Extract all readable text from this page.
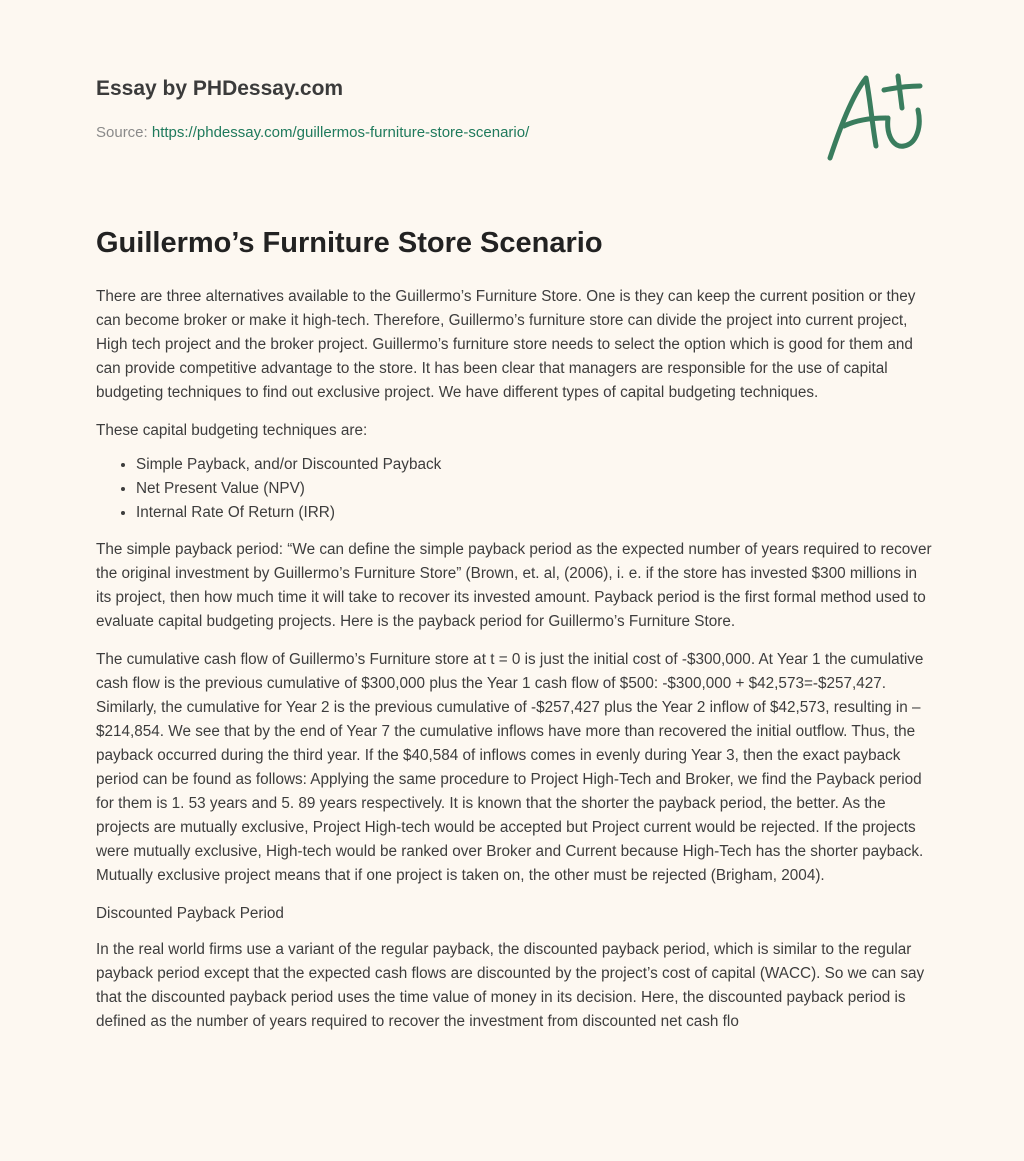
Essay by PHDessay.com

Source: https://phdessay.com/guillermos-furniture-store-scenario/

Guillermo’s Furniture Store Scenario

There are three alternatives available to the Guillermo’s Furniture Store. One is they can keep the current position or they can become broker or make it high-tech. Therefore, Guillermo’s furniture store can divide the project into current project, High tech project and the broker project. Guillermo’s furniture store needs to select the option which is good for them and can provide competitive advantage to the store. It has been clear that managers are responsible for the use of capital budgeting techniques to find out exclusive project. We have different types of capital budgeting techniques.

These capital budgeting techniques are:

• Simple Payback, and/or Discounted Payback
• Net Present Value (NPV)
• Internal Rate Of Return (IRR)

The simple payback period: “We can define the simple payback period as the expected number of years required to recover the original investment by Guillermo’s Furniture Store” (Brown, et. al, (2006), i. e. if the store has invested $300 millions in its project, then how much time it will take to recover its invested amount. Payback period is the first formal method used to evaluate capital budgeting projects. Here is the payback period for Guillermo’s Furniture Store.

The cumulative cash flow of Guillermo’s Furniture store at t = 0 is just the initial cost of -$300,000. At Year 1 the cumulative cash flow is the previous cumulative of $300,000 plus the Year 1 cash flow of $500: -$300,000 + $42,573=-$257,427. Similarly, the cumulative for Year 2 is the previous cumulative of -$257,427 plus the Year 2 inflow of $42,573, resulting in –$214,854. We see that by the end of Year 7 the cumulative inflows have more than recovered the initial outflow. Thus, the payback occurred during the third year. If the $40,584 of inflows comes in evenly during Year 3, then the exact payback period can be found as follows: Applying the same procedure to Project High-Tech and Broker, we find the Payback period for them is 1. 53 years and 5. 89 years respectively. It is known that the shorter the payback period, the better. As the projects are mutually exclusive, Project High-tech would be accepted but Project current would be rejected. If the projects were mutually exclusive, High-tech would be ranked over Broker and Current because High-Tech has the shorter payback. Mutually exclusive project means that if one project is taken on, the other must be rejected (Brigham, 2004).

Discounted Payback Period

In the real world firms use a variant of the regular payback, the discounted payback period, which is similar to the regular payback period except that the expected cash flows are discounted by the project’s cost of capital (WACC). So we can say that the discounted payback period uses the time value of money in its decision. Here, the discounted payback period is defined as the number of years required to recover the investment from discounted net cash flo
